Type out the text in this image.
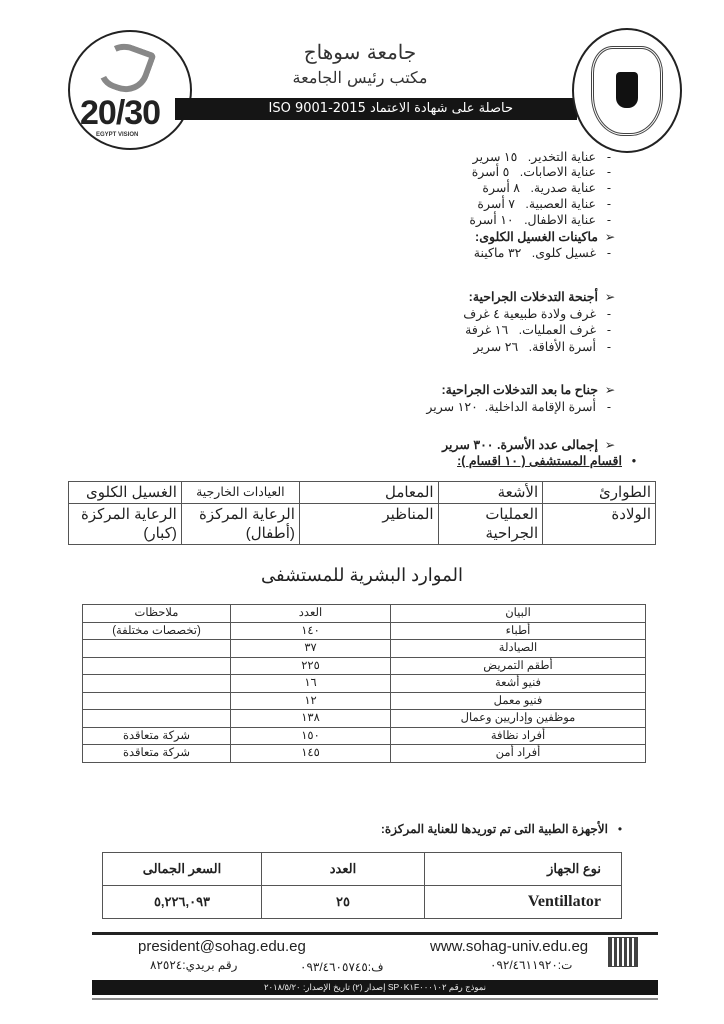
20/30
EGYPT VISION
حاصلة على شهادة الاعتماد ISO 9001-2015
جامعة سوهاج
مكتب رئيس الجامعة
-عناية التخدير.   ١٥ سرير
-عناية الاصابات.   ٥ أسرة
-عناية صدرية.   ٨ أسرة
-عناية العصبية.   ٧ أسرة
-عناية الاطفال.   ١٠ أسرة
➢ماكينات الغسيل الكلوى:
-غسيل كلوى.   ٣٢ ماكينة
➢أجنحة التدخلات الجراحية:
-غرف ولادة طبيعية ٤ غرف
-غرف العمليات.   ١٦ غرفة
-أسرة الأفاقة.   ٢٦ سرير
➢جناح ما بعد التدخلات الجراحية:
-أسرة الإقامة الداخلية.  ١٢٠ سرير
➢إجمالى عدد الأسرة. ٣٠٠ سرير
•اقسام المستشفى ( ١٠ اقسام ):
الطوارئ	الأشعة	المعامل	العيادات الخارجية	الغسيل الكلوى
الولادة	العمليات الجراحية	المناظير	الرعاية المركزة (أطفال)	الرعاية المركزة (كبار)
الموارد البشرية للمستشفى
البيان	العدد	ملاحظات
أطباء	١٤٠	(تخصصات مختلفة)
الصيادلة	٣٧	
أطقم التمريض	٢٢٥	
فنيو أشعة	١٦	
فنيو معمل	١٢	
موظفين وإداريين وعمال	١٣٨	
أفراد نظافة	١٥٠	شركة متعاقدة
أفراد أمن	١٤٥	شركة متعاقدة
•الأجهزة الطبية التى تم توريدها للعناية المركزة:
نوع الجهاز	العدد	السعر الجمالى
Ventillator	٢٥	٥,٢٢٦,٠٩٣
president@sohag.edu.eg	www.sohag-univ.edu.eg
رقم بريدي:٨٢٥٢٤	ف:٠٩٣/٤٦٠٥٧٤٥	ت:٠٩٢/٤٦١١٩٢٠
نموذج رقم SP٠K١F٠٠٠١٠٢ إصدار (٢) تاريخ الإصدار: ٢٠١٨/٥/٢٠
